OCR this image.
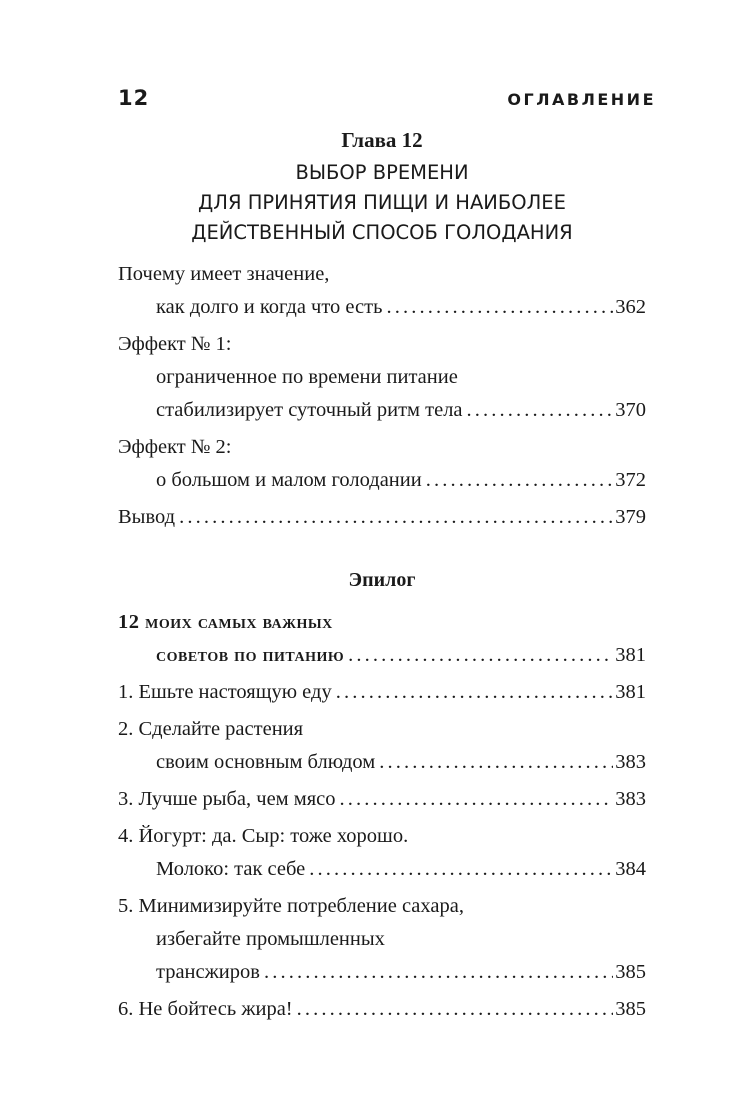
12	ОГЛАВЛЕНИЕ
Глава 12
ВЫБОР ВРЕМЕНИ
ДЛЯ ПРИНЯТИЯ ПИЩИ И НАИБОЛЕЕ
ДЕЙСТВЕННЫЙ СПОСОБ ГОЛОДАНИЯ
Почему имеет значение,
как долго и когда что есть . . .	362
Эффект № 1:
ограниченное по времени питание
стабилизирует суточный ритм тела . . .	370
Эффект № 2:
о большом и малом голодании . . .	372
Вывод . . .	379
Эпилог
12 моих самых важных
советов по питанию . . .	381
1. Ешьте настоящую еду . . .	381
2. Сделайте растения
своим основным блюдом . . .	383
3. Лучше рыба, чем мясо . . .	383
4. Йогурт: да. Сыр: тоже хорошо.
Молоко: так себе . . .	384
5. Минимизируйте потребление сахара,
избегайте промышленных
трансжиров . . .	385
6. Не бойтесь жира! . . .	385
